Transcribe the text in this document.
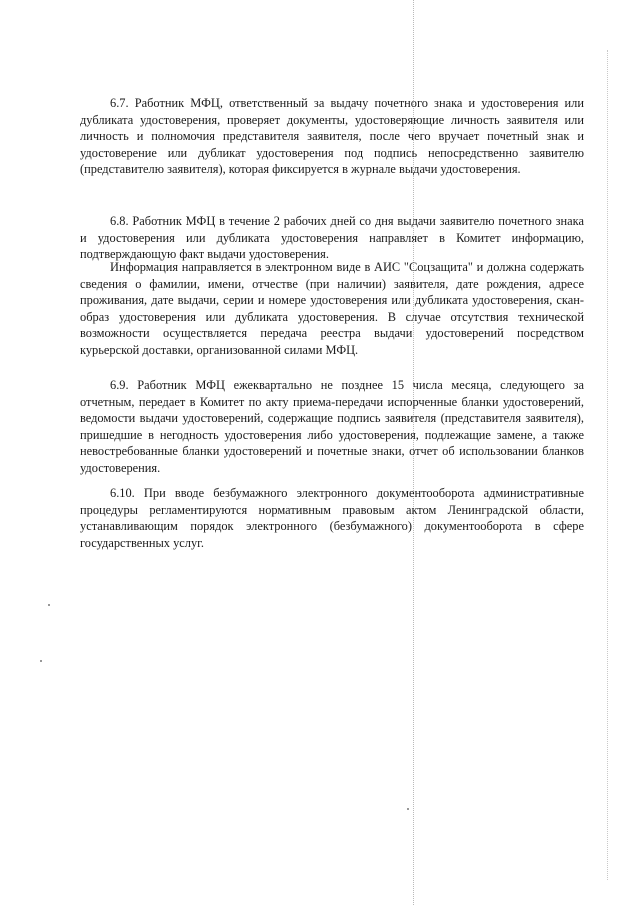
6.7. Работник МФЦ, ответственный за выдачу почетного знака и удостоверения или дубликата удостоверения, проверяет документы, удостоверяющие личность заявителя или личность и полномочия представителя заявителя, после чего вручает почетный знак и удостоверение или дубликат удостоверения под подпись непосредственно заявителю (представителю заявителя), которая фиксируется в журнале выдачи удостоверения.

6.8. Работник МФЦ в течение 2 рабочих дней со дня выдачи заявителю почетного знака и удостоверения или дубликата удостоверения направляет в Комитет информацию, подтверждающую факт выдачи удостоверения.

Информация направляется в электронном виде в АИС "Соцзащита" и должна содержать сведения о фамилии, имени, отчестве (при наличии) заявителя, дате рождения, адресе проживания, дате выдачи, серии и номере удостоверения или дубликата удостоверения, скан-образ удостоверения или дубликата удостоверения. В случае отсутствия технической возможности осуществляется передача реестра выдачи удостоверений посредством курьерской доставки, организованной силами МФЦ.

6.9. Работник МФЦ ежеквартально не позднее 15 числа месяца, следующего за отчетным, передает в Комитет по акту приема-передачи испорченные бланки удостоверений, ведомости выдачи удостоверений, содержащие подпись заявителя (представителя заявителя), пришедшие в негодность удостоверения либо удостоверения, подлежащие замене, а также невостребованные бланки удостоверений и почетные знаки, отчет об использовании бланков удостоверения.

6.10. При вводе безбумажного электронного документооборота административные процедуры регламентируются нормативным правовым актом Ленинградской области, устанавливающим порядок электронного (безбумажного) документооборота в сфере государственных услуг.
